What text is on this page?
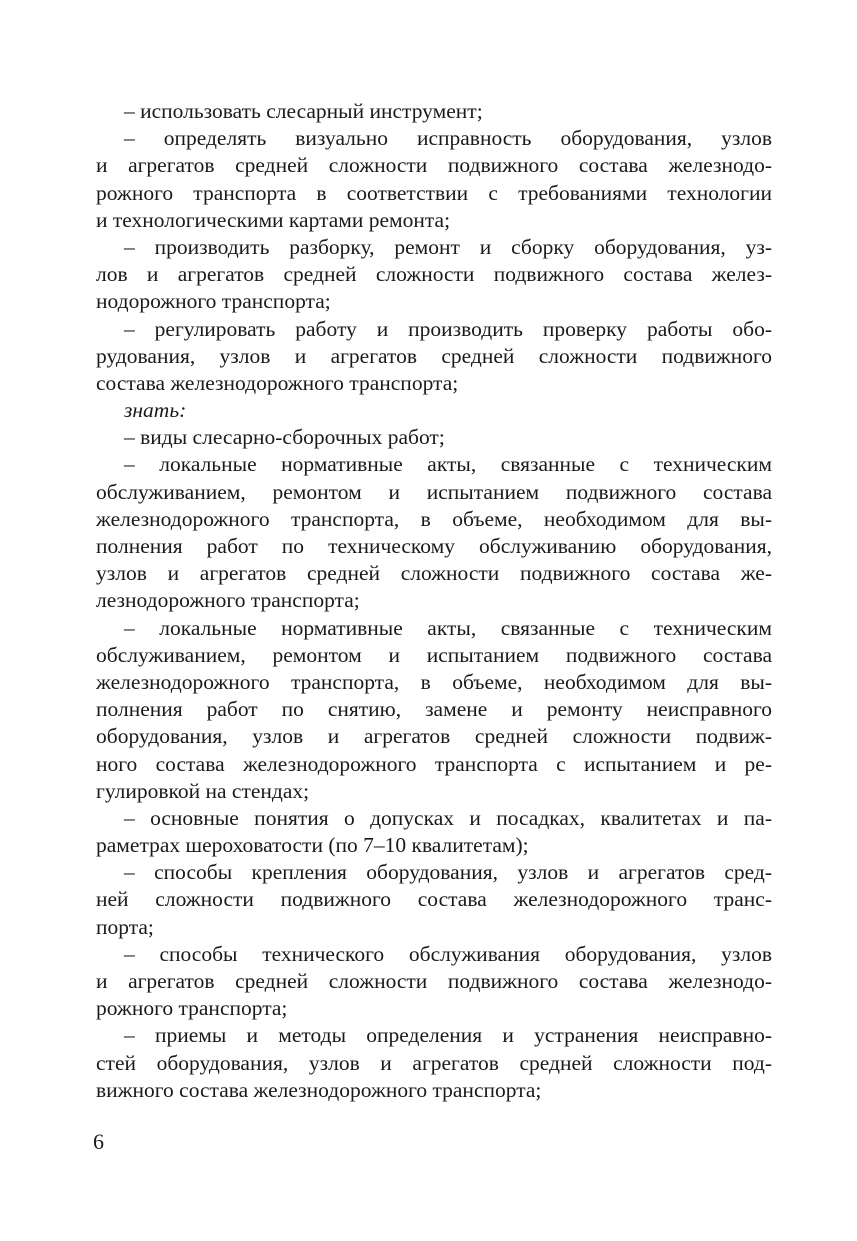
– использовать слесарный инструмент;
– определять визуально исправность оборудования, узлов
и агрегатов средней сложности подвижного состава железнодо-
рожного транспорта в соответствии с требованиями технологии
и технологическими картами ремонта;
– производить разборку, ремонт и сборку оборудования, уз-
лов и агрегатов средней сложности подвижного состава желез-
нодорожного транспорта;
– регулировать работу и производить проверку работы обо-
рудования, узлов и агрегатов средней сложности подвижного
состава железнодорожного транспорта;
знать:
– виды слесарно-сборочных работ;
– локальные нормативные акты, связанные с техническим
обслуживанием, ремонтом и испытанием подвижного состава
железнодорожного транспорта, в объеме, необходимом для вы-
полнения работ по техническому обслуживанию оборудования,
узлов и агрегатов средней сложности подвижного состава же-
лезнодорожного транспорта;
– локальные нормативные акты, связанные с техническим
обслуживанием, ремонтом и испытанием подвижного состава
железнодорожного транспорта, в объеме, необходимом для вы-
полнения работ по снятию, замене и ремонту неисправного
оборудования, узлов и агрегатов средней сложности подвиж-
ного состава железнодорожного транспорта с испытанием и ре-
гулировкой на стендах;
– основные понятия о допусках и посадках, квалитетах и па-
раметрах шероховатости (по 7–10 квалитетам);
– способы крепления оборудования, узлов и агрегатов сред-
ней сложности подвижного состава железнодорожного транс-
порта;
– способы технического обслуживания оборудования, узлов
и агрегатов средней сложности подвижного состава железнодо-
рожного транспорта;
– приемы и методы определения и устранения неисправно-
стей оборудования, узлов и агрегатов средней сложности под-
вижного состава железнодорожного транспорта;
6
